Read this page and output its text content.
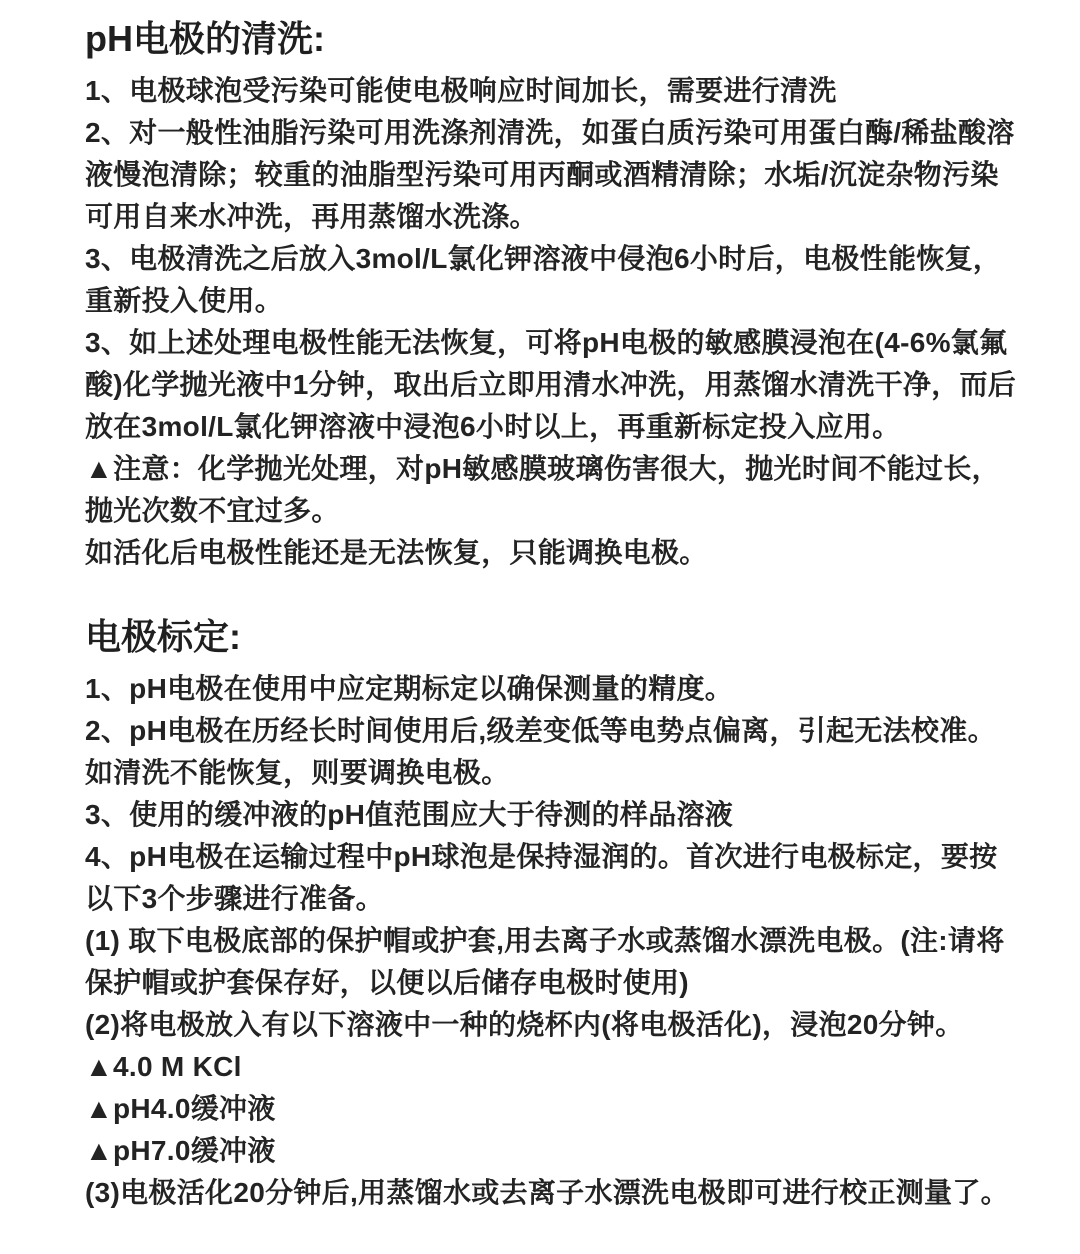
pH电极的清洗:

1、电极球泡受污染可能使电极响应时间加长，需要进行清洗

2、对一般性油脂污染可用洗涤剂清洗，如蛋白质污染可用蛋白酶/稀盐酸溶液慢泡清除；较重的油脂型污染可用丙酮或酒精清除；水垢/沉淀杂物污染可用自来水冲洗，再用蒸馏水洗涤。

3、电极清洗之后放入3mol/L氯化钾溶液中侵泡6小时后，电极性能恢复，重新投入使用。

3、如上述处理电极性能无法恢复，可将pH电极的敏感膜浸泡在(4-6%氯氟酸)化学抛光液中1分钟，取出后立即用清水冲洗，用蒸馏水清洗干净，而后放在3mol/L氯化钾溶液中浸泡6小时以上，再重新标定投入应用。

▲注意：化学抛光处理，对pH敏感膜玻璃伤害很大，抛光时间不能过长，抛光次数不宜过多。

如活化后电极性能还是无法恢复，只能调换电极。

电极标定:

1、pH电极在使用中应定期标定以确保测量的精度。

2、pH电极在历经长时间使用后,级差变低等电势点偏离，引起无法校准。如清洗不能恢复，则要调换电极。

3、使用的缓冲液的pH值范围应大于待测的样品溶液

4、pH电极在运输过程中pH球泡是保持湿润的。首次进行电极标定，要按以下3个步骤进行准备。

(1) 取下电极底部的保护帽或护套,用去离子水或蒸馏水漂洗电极。(注:请将保护帽或护套保存好，以便以后储存电极时使用)

(2)将电极放入有以下溶液中一种的烧杯内(将电极活化)，浸泡20分钟。

▲4.0 M KCl

▲pH4.0缓冲液

▲pH7.0缓冲液

(3)电极活化20分钟后,用蒸馏水或去离子水漂洗电极即可进行校正测量了。
